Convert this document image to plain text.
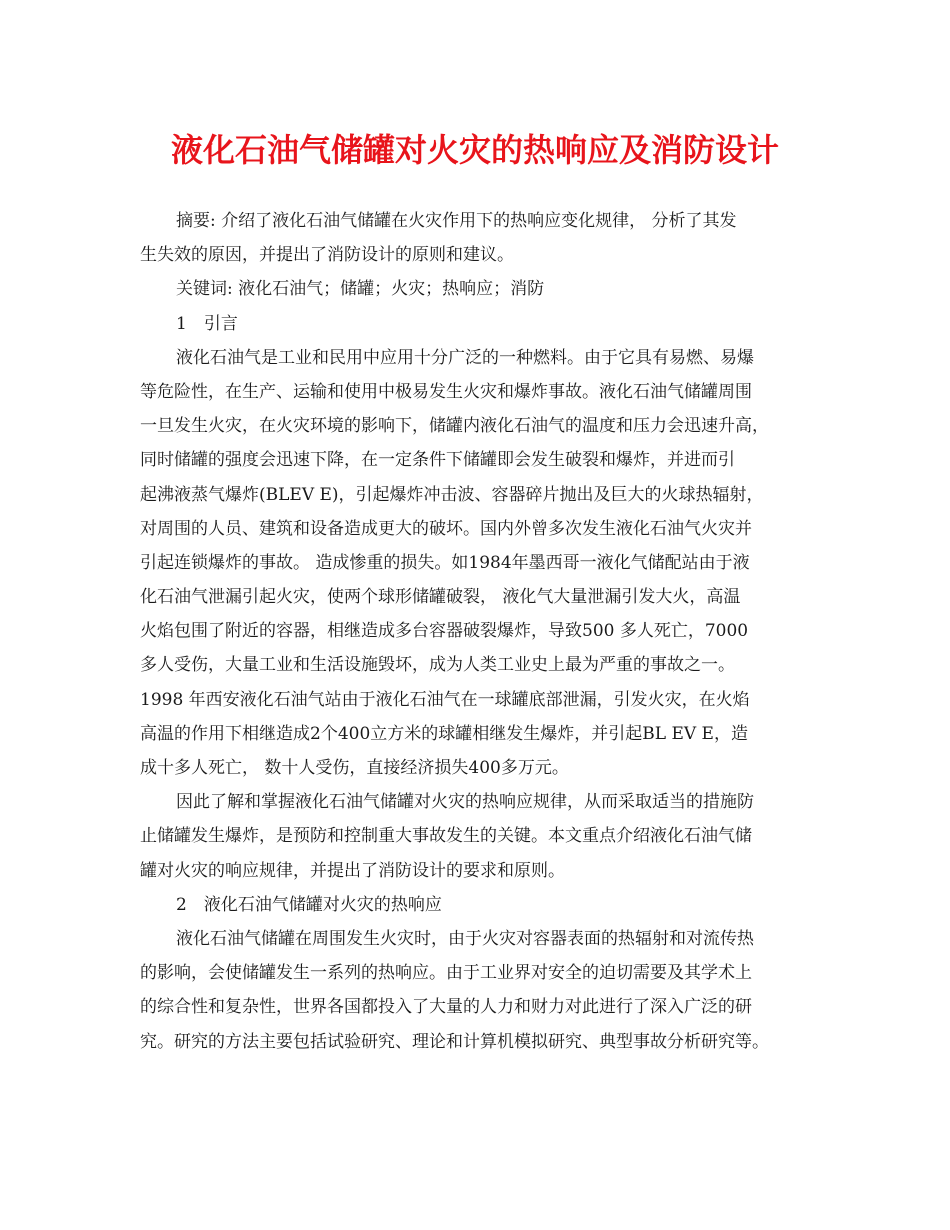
液化石油气储罐对火灾的热响应及消防设计
摘要: 介绍了液化石油气储罐在火灾作用下的热响应变化规律， 分析了其发
生失效的原因，并提出了消防设计的原则和建议。
关键词: 液化石油气；储罐；火灾；热响应；消防
1　引言
液化石油气是工业和民用中应用十分广泛的一种燃料。由于它具有易燃、易爆
等危险性，在生产、运输和使用中极易发生火灾和爆炸事故。液化石油气储罐周围
一旦发生火灾，在火灾环境的影响下，储罐内液化石油气的温度和压力会迅速升高，
同时储罐的强度会迅速下降，在一定条件下储罐即会发生破裂和爆炸，并进而引
起沸液蒸气爆炸(BLEV E)，引起爆炸冲击波、容器碎片抛出及巨大的火球热辐射，
对周围的人员、建筑和设备造成更大的破坏。国内外曾多次发生液化石油气火灾并
引起连锁爆炸的事故。 造成惨重的损失。如1984年墨西哥一液化气储配站由于液
化石油气泄漏引起火灾，使两个球形储罐破裂， 液化气大量泄漏引发大火，高温
火焰包围了附近的容器，相继造成多台容器破裂爆炸，导致500 多人死亡，7000
多人受伤，大量工业和生活设施毁坏，成为人类工业史上最为严重的事故之一。
1998 年西安液化石油气站由于液化石油气在一球罐底部泄漏，引发火灾，在火焰
高温的作用下相继造成2个400立方米的球罐相继发生爆炸，并引起BL EV E，造
成十多人死亡， 数十人受伤，直接经济损失400多万元。
因此了解和掌握液化石油气储罐对火灾的热响应规律，从而采取适当的措施防
止储罐发生爆炸，是预防和控制重大事故发生的关键。本文重点介绍液化石油气储
罐对火灾的响应规律，并提出了消防设计的要求和原则。
2　液化石油气储罐对火灾的热响应
液化石油气储罐在周围发生火灾时，由于火灾对容器表面的热辐射和对流传热
的影响，会使储罐发生一系列的热响应。由于工业界对安全的迫切需要及其学术上
的综合性和复杂性，世界各国都投入了大量的人力和财力对此进行了深入广泛的研
究。研究的方法主要包括试验研究、理论和计算机模拟研究、典型事故分析研究等。
